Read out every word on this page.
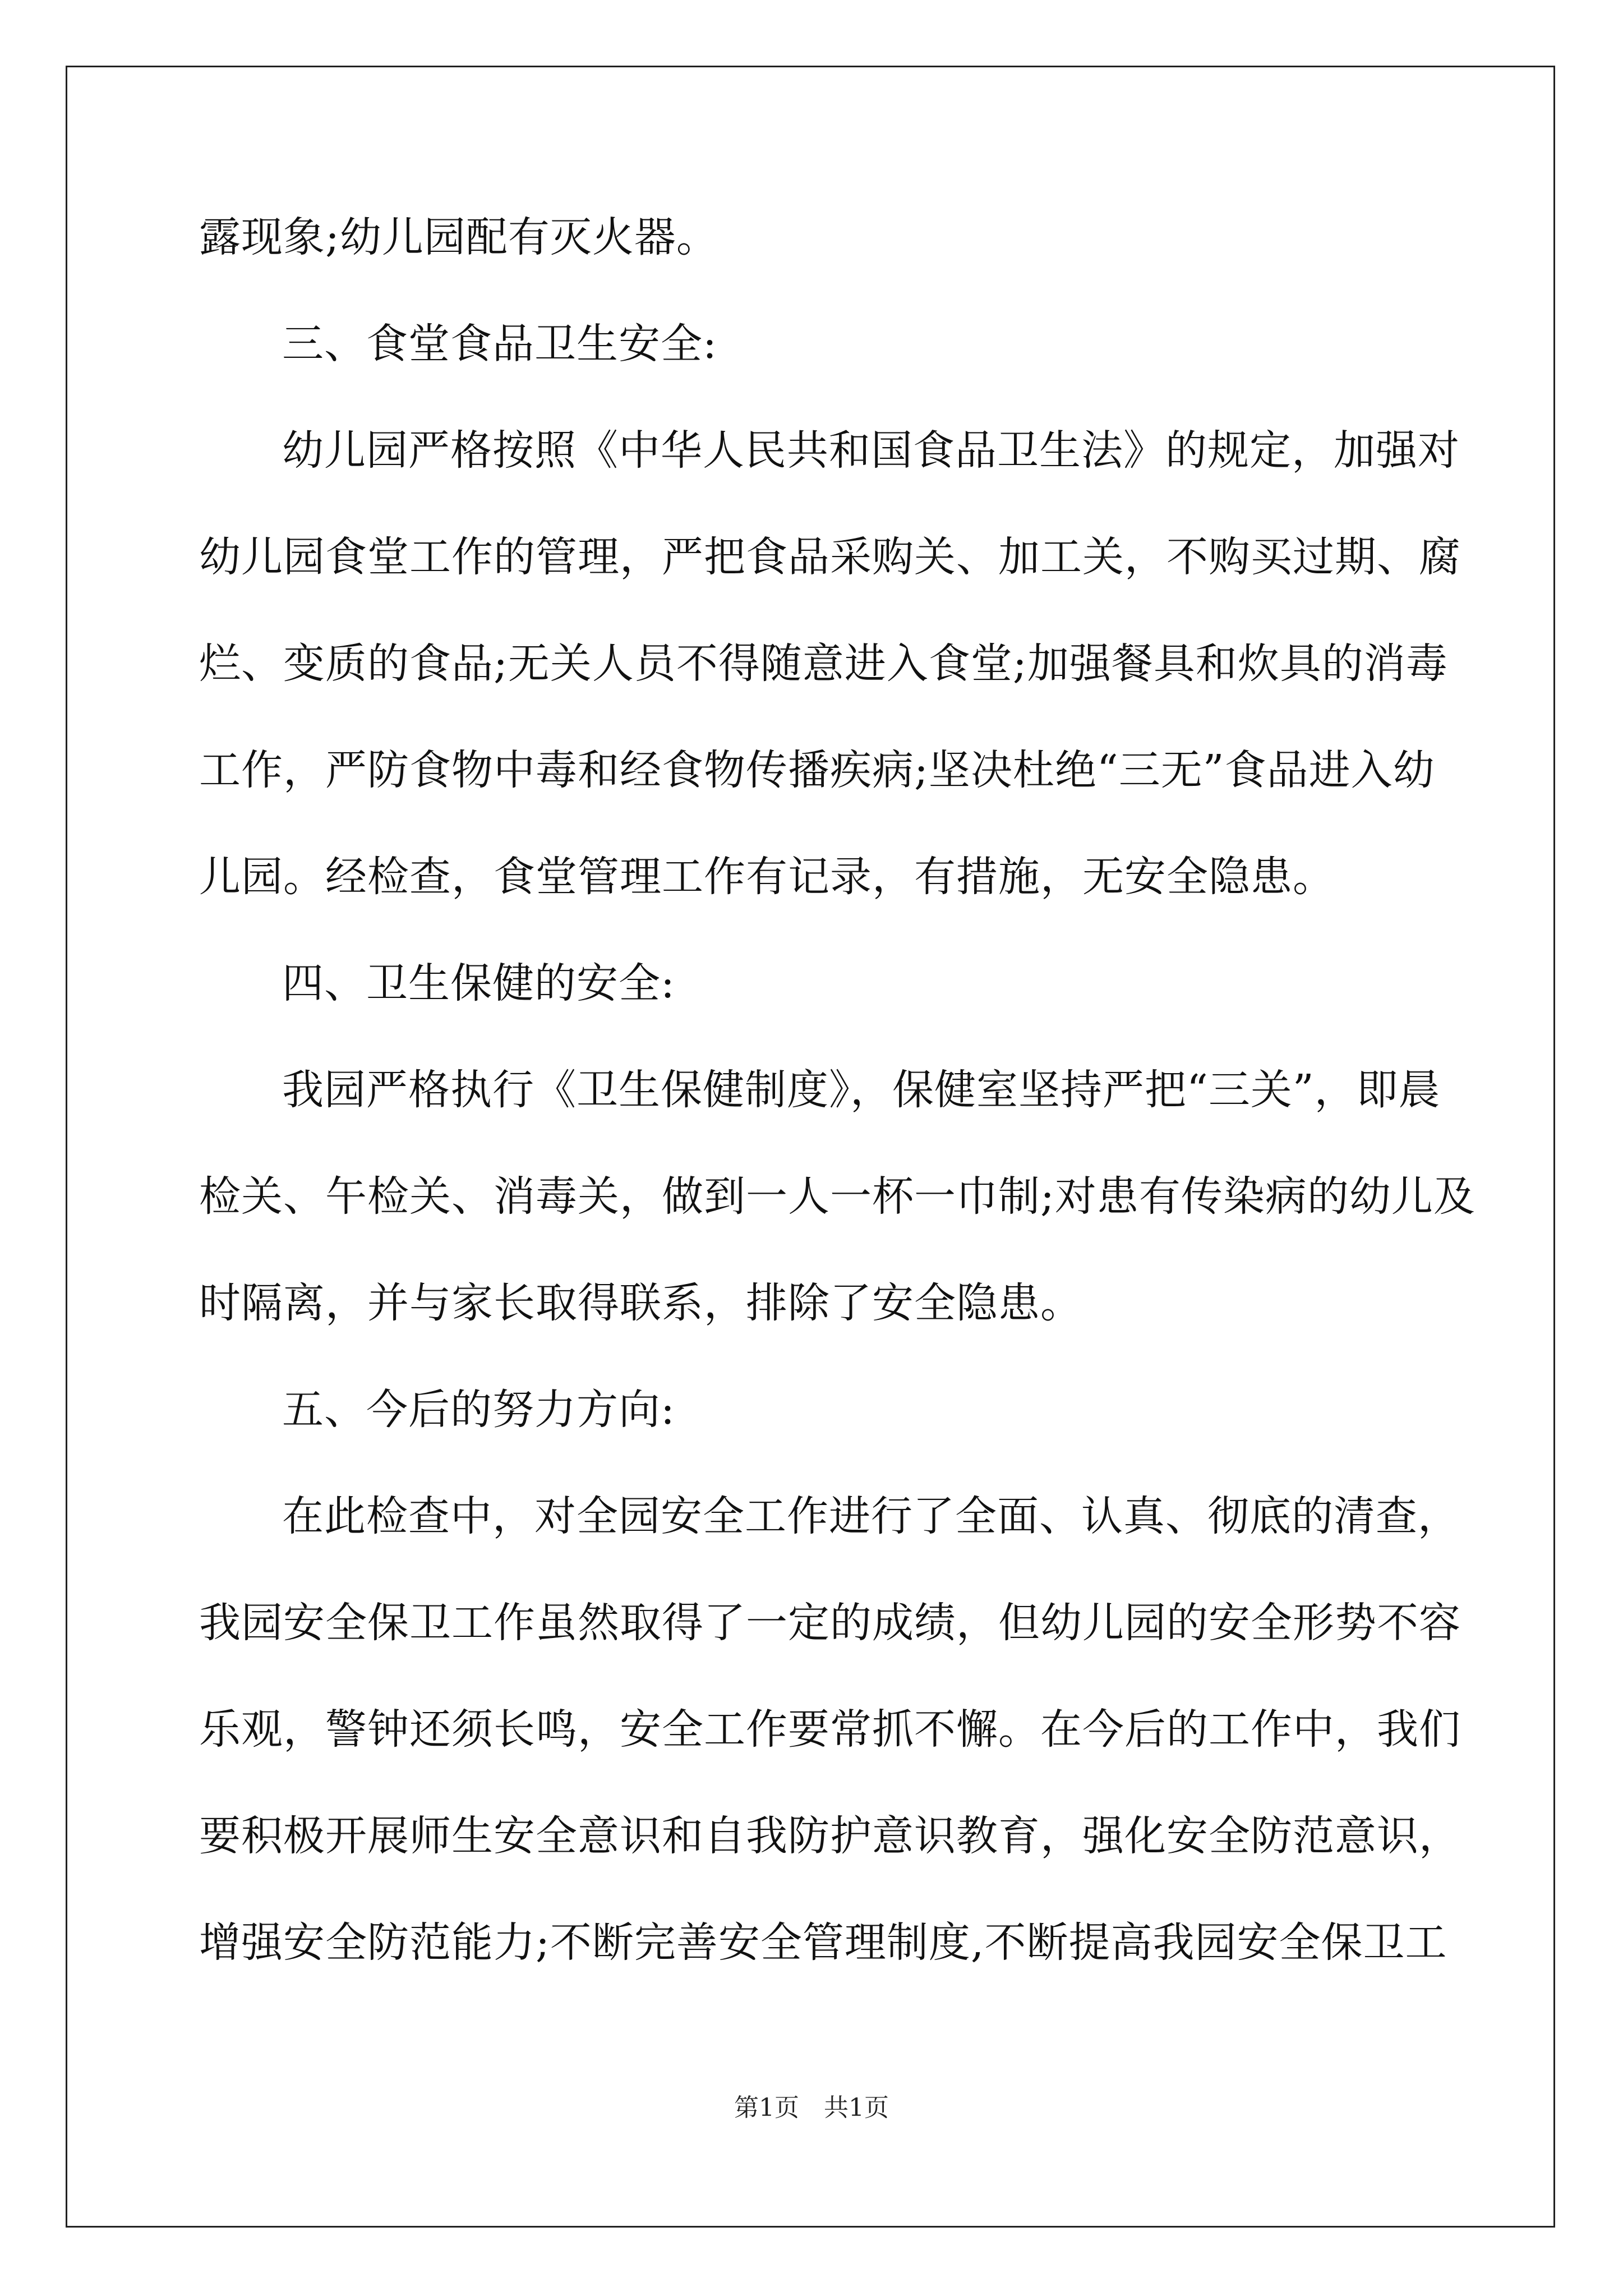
露现象;幼儿园配有灭火器。
三、食堂食品卫生安全:
幼儿园严格按照《中华人民共和国食品卫生法》的规定，加强对
幼儿园食堂工作的管理，严把食品采购关、加工关，不购买过期、腐
烂、变质的食品;无关人员不得随意进入食堂;加强餐具和炊具的消毒
工作，严防食物中毒和经食物传播疾病;坚决杜绝“三无”食品进入幼
儿园。经检查，食堂管理工作有记录，有措施，无安全隐患。
四、卫生保健的安全:
我园严格执行《卫生保健制度》，保健室坚持严把“三关”，即晨
检关、午检关、消毒关，做到一人一杯一巾制;对患有传染病的幼儿及
时隔离，并与家长取得联系，排除了安全隐患。
五、今后的努力方向:
在此检查中，对全园安全工作进行了全面、认真、彻底的清查，
我园安全保卫工作虽然取得了一定的成绩，但幼儿园的安全形势不容
乐观，警钟还须长鸣，安全工作要常抓不懈。在今后的工作中，我们
要积极开展师生安全意识和自我防护意识教育，强化安全防范意识，
增强安全防范能力;不断完善安全管理制度,不断提高我园安全保卫工
第1页　共1页
